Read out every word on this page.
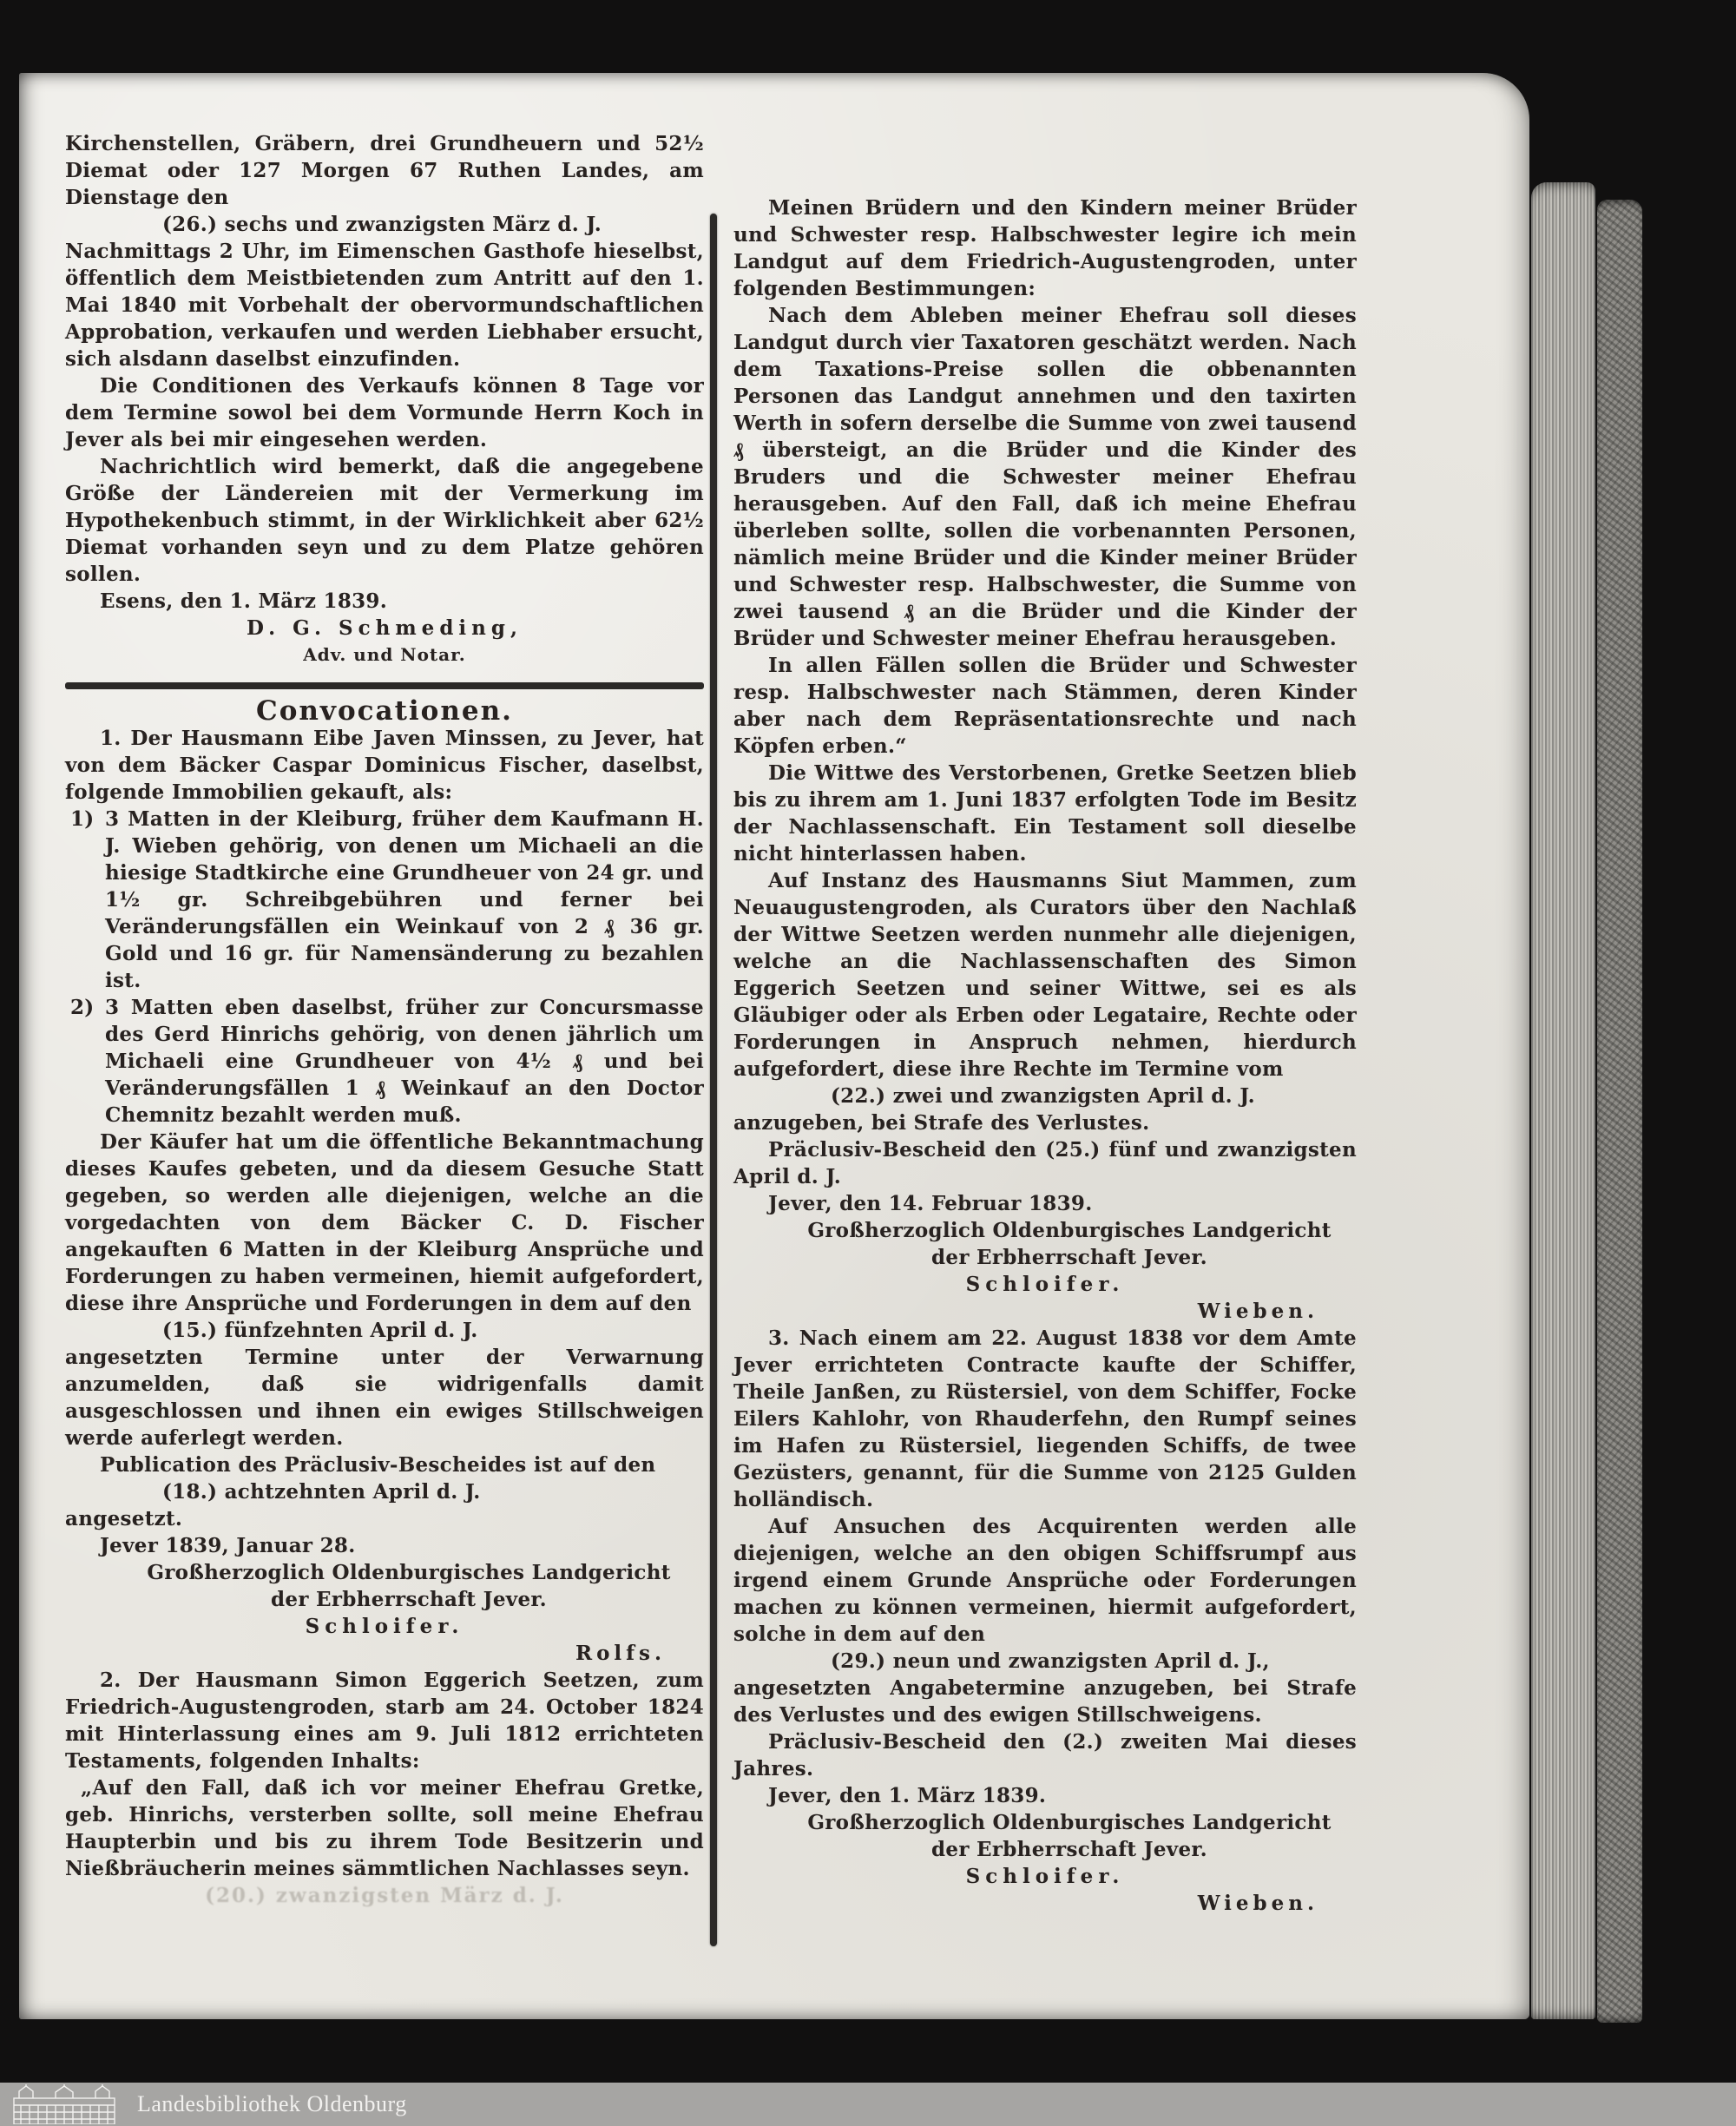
Kirchenstellen, Gräbern, drei Grundheuern und 52½ Diemat oder 127 Morgen 67 Ruthen Landes, am Dienstage den

(26.) sechs und zwanzigsten März d. J.

Nachmittags 2 Uhr, im Eimenschen Gasthofe hieselbst, öffentlich dem Meistbietenden zum Antritt auf den 1. Mai 1840 mit Vorbehalt der obervormundschaftlichen Approbation, verkaufen und werden Liebhaber ersucht, sich alsdann daselbst einzufinden.

Die Conditionen des Verkaufs können 8 Tage vor dem Termine sowol bei dem Vormunde Herrn Koch in Jever als bei mir eingesehen werden.

Nachrichtlich wird bemerkt, daß die angegebene Größe der Ländereien mit der Vermerkung im Hypothekenbuch stimmt, in der Wirklichkeit aber 62½ Diemat vorhanden seyn und zu dem Platze gehören sollen.

Esens, den 1. März 1839.

D. G. Schmeding,

Adv. und Notar.

Convocationen.

1. Der Hausmann Eibe Javen Minssen, zu Jever, hat von dem Bäcker Caspar Dominicus Fischer, daselbst, folgende Immobilien gekauft, als:

1) 3 Matten in der Kleiburg, früher dem Kaufmann H. J. Wieben gehörig, von denen um Michaeli an die hiesige Stadtkirche eine Grundheuer von 24 gr. und 1½ gr. Schreibgebühren und ferner bei Veränderungsfällen ein Weinkauf von 2 ₰ 36 gr. Gold und 16 gr. für Namensänderung zu bezahlen ist.
2) 3 Matten eben daselbst, früher zur Concursmasse des Gerd Hinrichs gehörig, von denen jährlich um Michaeli eine Grundheuer von 4½ ₰ und bei Veränderungsfällen 1 ₰ Weinkauf an den Doctor Chemnitz bezahlt werden muß.

Der Käufer hat um die öffentliche Bekanntmachung dieses Kaufes gebeten, und da diesem Gesuche Statt gegeben, so werden alle diejenigen, welche an die vorgedachten von dem Bäcker C. D. Fischer angekauften 6 Matten in der Kleiburg Ansprüche und Forderungen zu haben vermeinen, hiemit aufgefordert, diese ihre Ansprüche und Forderungen in dem auf den

(15.) fünfzehnten April d. J.

angesetzten Termine unter der Verwarnung anzumelden, daß sie widrigenfalls damit ausgeschlossen und ihnen ein ewiges Stillschweigen werde auferlegt werden.

Publication des Präclusiv-Bescheides ist auf den

(18.) achtzehnten April d. J.

angesetzt.

Jever 1839, Januar 28.

Großherzoglich Oldenburgisches Landgericht

der Erbherrschaft Jever.

Schloifer.

Rolfs.

2. Der Hausmann Simon Eggerich Seetzen, zum Friedrich-Augustengroden, starb am 24. October 1824 mit Hinterlassung eines am 9. Juli 1812 errichteten Testaments, folgenden Inhalts:

„Auf den Fall, daß ich vor meiner Ehefrau Gretke, geb. Hinrichs, versterben sollte, soll meine Ehefrau Haupterbin und bis zu ihrem Tode Besitzerin und Nießbräucherin meines sämmtlichen Nachlasses seyn.

(20.) zwanzigsten März d. J.

Meinen Brüdern und den Kindern meiner Brüder und Schwester resp. Halbschwester legire ich mein Landgut auf dem Friedrich-Augustengroden, unter folgenden Bestimmungen:

Nach dem Ableben meiner Ehefrau soll dieses Landgut durch vier Taxatoren geschätzt werden. Nach dem Taxations-Preise sollen die obbenannten Personen das Landgut annehmen und den taxirten Werth in sofern derselbe die Summe von zwei tausend ₰ übersteigt, an die Brüder und die Kinder des Bruders und die Schwester meiner Ehefrau herausgeben. Auf den Fall, daß ich meine Ehefrau überleben sollte, sollen die vorbenannten Personen, nämlich meine Brüder und die Kinder meiner Brüder und Schwester resp. Halbschwester, die Summe von zwei tausend ₰ an die Brüder und die Kinder der Brüder und Schwester meiner Ehefrau herausgeben.

In allen Fällen sollen die Brüder und Schwester resp. Halbschwester nach Stämmen, deren Kinder aber nach dem Repräsentationsrechte und nach Köpfen erben.“

Die Wittwe des Verstorbenen, Gretke Seetzen blieb bis zu ihrem am 1. Juni 1837 erfolgten Tode im Besitz der Nachlassenschaft. Ein Testament soll dieselbe nicht hinterlassen haben.

Auf Instanz des Hausmanns Siut Mammen, zum Neuaugustengroden, als Curators über den Nachlaß der Wittwe Seetzen werden nunmehr alle diejenigen, welche an die Nachlassenschaften des Simon Eggerich Seetzen und seiner Wittwe, sei es als Gläubiger oder als Erben oder Legataire, Rechte oder Forderungen in Anspruch nehmen, hierdurch aufgefordert, diese ihre Rechte im Termine vom

(22.) zwei und zwanzigsten April d. J.

anzugeben, bei Strafe des Verlustes.

Präclusiv-Bescheid den (25.) fünf und zwanzigsten April d. J.

Jever, den 14. Februar 1839.

Großherzoglich Oldenburgisches Landgericht

der Erbherrschaft Jever.

Schloifer.

Wieben.

3. Nach einem am 22. August 1838 vor dem Amte Jever errichteten Contracte kaufte der Schiffer, Theile Janßen, zu Rüstersiel, von dem Schiffer, Focke Eilers Kahlohr, von Rhauderfehn, den Rumpf seines im Hafen zu Rüstersiel, liegenden Schiffs, de twee Gezüsters, genannt, für die Summe von 2125 Gulden holländisch.

Auf Ansuchen des Acquirenten werden alle diejenigen, welche an den obigen Schiffsrumpf aus irgend einem Grunde Ansprüche oder Forderungen machen zu können vermeinen, hiermit aufgefordert, solche in dem auf den

(29.) neun und zwanzigsten April d. J.,

angesetzten Angabetermine anzugeben, bei Strafe des Verlustes und des ewigen Stillschweigens.

Präclusiv-Bescheid den (2.) zweiten Mai dieses Jahres.

Jever, den 1. März 1839.

Großherzoglich Oldenburgisches Landgericht

der Erbherrschaft Jever.

Schloifer.

Wieben.

Landesbibliothek Oldenburg
